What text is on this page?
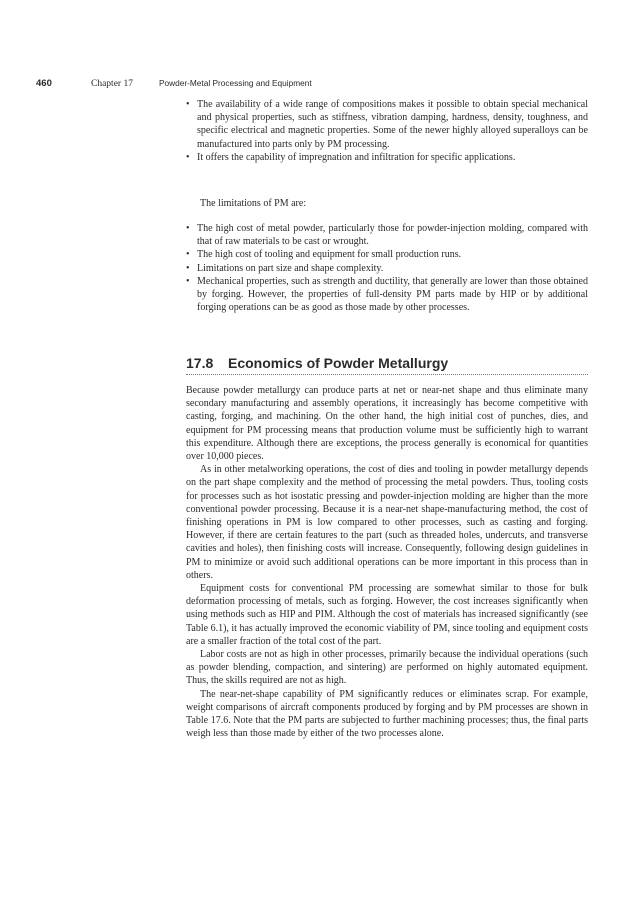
460	Chapter 17	Powder-Metal Processing and Equipment
• The availability of a wide range of compositions makes it possible to obtain special mechanical and physical properties, such as stiffness, vibration damping, hardness, density, toughness, and specific electrical and magnetic properties. Some of the newer highly alloyed superalloys can be manufactured into parts only by PM processing.
• It offers the capability of impregnation and infiltration for specific applications.

The limitations of PM are:

• The high cost of metal powder, particularly those for powder-injection molding, compared with that of raw materials to be cast or wrought.
• The high cost of tooling and equipment for small production runs.
• Limitations on part size and shape complexity.
• Mechanical properties, such as strength and ductility, that generally are lower than those obtained by forging. However, the properties of full-density PM parts made by HIP or by additional forging operations can be as good as those made by other processes.
17.8 Economics of Powder Metallurgy

Because powder metallurgy can produce parts at net or near-net shape and thus eliminate many secondary manufacturing and assembly operations, it increasingly has become competitive with casting, forging, and machining. On the other hand, the high initial cost of punches, dies, and equipment for PM processing means that production volume must be sufficiently high to warrant this expenditure. Although there are exceptions, the process generally is economical for quantities over 10,000 pieces.

As in other metalworking operations, the cost of dies and tooling in powder metallurgy depends on the part shape complexity and the method of processing the metal powders. Thus, tooling costs for processes such as hot isostatic pressing and powder-injection molding are higher than the more conventional powder processing. Because it is a near-net shape-manufacturing method, the cost of finishing operations in PM is low compared to other processes, such as casting and forging. However, if there are certain features to the part (such as threaded holes, undercuts, and transverse cavities and holes), then finishing costs will increase. Consequently, following design guidelines in PM to minimize or avoid such additional operations can be more important in this process than in others.

Equipment costs for conventional PM processing are somewhat similar to those for bulk deformation processing of metals, such as forging. However, the cost increases significantly when using methods such as HIP and PIM. Although the cost of materials has increased significantly (see Table 6.1), it has actually improved the economic viability of PM, since tooling and equipment costs are a smaller fraction of the total cost of the part.

Labor costs are not as high in other processes, primarily because the individual operations (such as powder blending, compaction, and sintering) are performed on highly automated equipment. Thus, the skills required are not as high.

The near-net-shape capability of PM significantly reduces or eliminates scrap. For example, weight comparisons of aircraft components produced by forging and by PM processes are shown in Table 17.6. Note that the PM parts are subjected to further machining processes; thus, the final parts weigh less than those made by either of the two processes alone.
